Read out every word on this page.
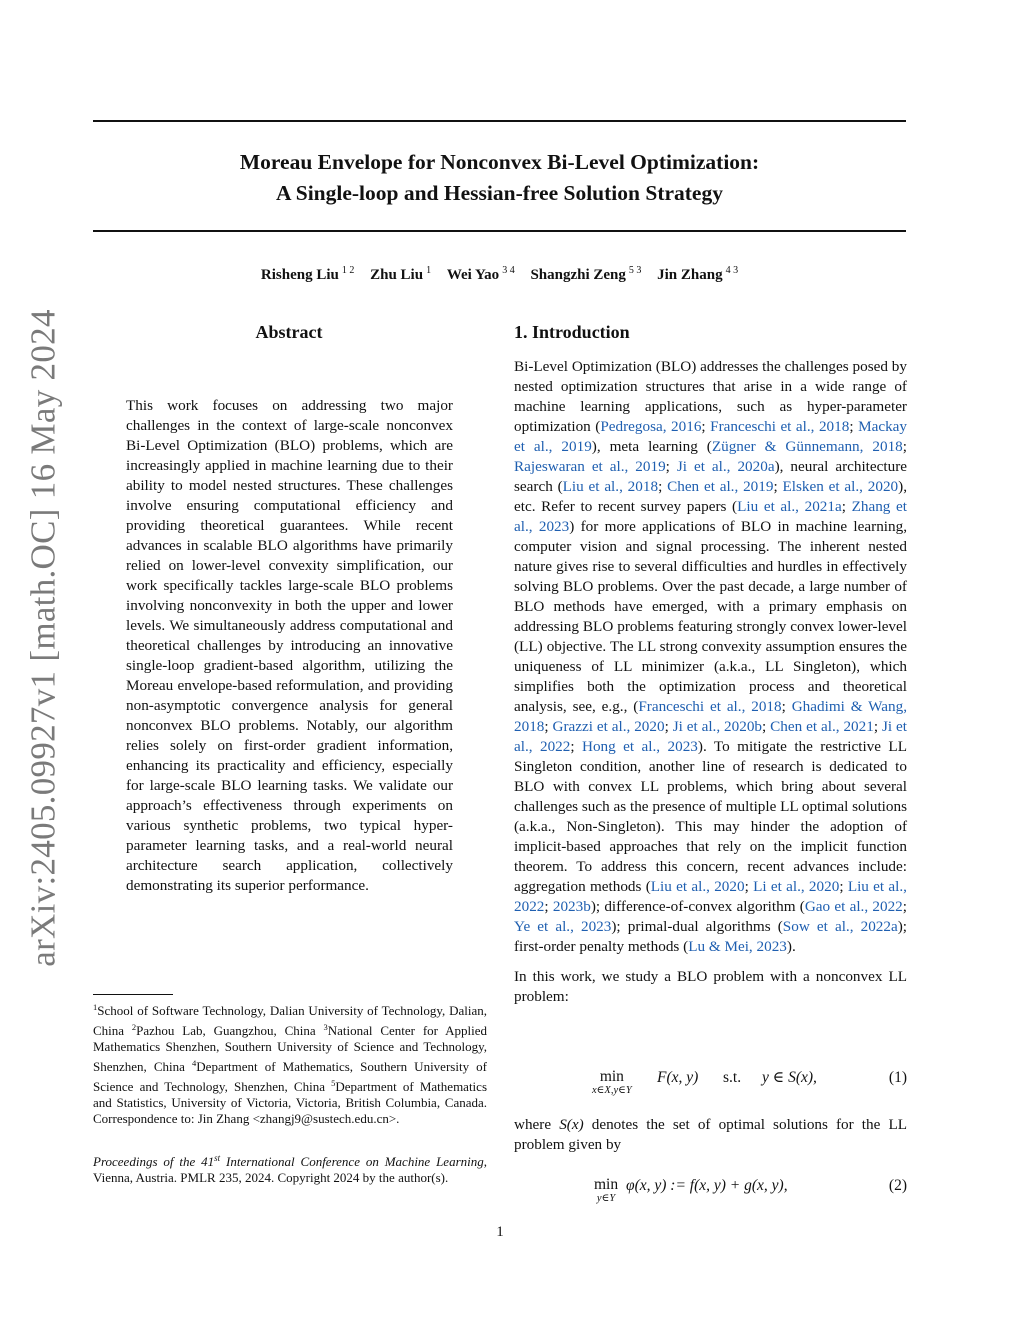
arXiv:2405.09927v1 [math.OC] 16 May 2024
Moreau Envelope for Nonconvex Bi-Level Optimization:
A Single-loop and Hessian-free Solution Strategy
Risheng Liu $^{1 2}$ Zhu Liu $^1$ Wei Yao $^{3 4}$ Shangzhi Zeng $^{5 3}$ Jin Zhang $^{4 3}$
Abstract
This work focuses on addressing two major challenges in the context of large-scale nonconvex Bi-Level Optimization (BLO) problems, which are increasingly applied in machine learning due to their ability to model nested structures. These challenges involve ensuring computational efficiency and providing theoretical guarantees. While recent advances in scalable BLO algorithms have primarily relied on lower-level convexity simplification, our work specifically tackles large-scale BLO problems involving nonconvexity in both the upper and lower levels. We simultaneously address computational and theoretical challenges by introducing an innovative single-loop gradient-based algorithm, utilizing the Moreau envelope-based reformulation, and providing non-asymptotic convergence analysis for general nonconvex BLO problems. Notably, our algorithm relies solely on first-order gradient information, enhancing its practicality and efficiency, especially for large-scale BLO learning tasks. We validate our approach’s effectiveness through experiments on various synthetic problems, two typical hyper-parameter learning tasks, and a real-world neural architecture search application, collectively demonstrating its superior performance.
$^1$School of Software Technology, Dalian University of Technology, Dalian, China $^2$Pazhou Lab, Guangzhou, China $^3$National Center for Applied Mathematics Shenzhen, Southern University of Science and Technology, Shenzhen, China $^4$Department of Mathematics, Southern University of Science and Technology, Shenzhen, China $^5$Department of Mathematics and Statistics, University of Victoria, Victoria, British Columbia, Canada. Correspondence to: Jin Zhang <zhangj9@sustech.edu.cn>.
Proceedings of the 41st International Conference on Machine Learning, Vienna, Austria. PMLR 235, 2024. Copyright 2024 by the author(s).
1. Introduction

Bi-Level Optimization (BLO) addresses the challenges posed by nested optimization structures that arise in a wide range of machine learning applications, such as hyper-parameter optimization (Pedregosa, 2016; Franceschi et al., 2018; Mackay et al., 2019), meta learning (Zügner & Günnemann, 2018; Rajeswaran et al., 2019; Ji et al., 2020a), neural architecture search (Liu et al., 2018; Chen et al., 2019; Elsken et al., 2020), etc. Refer to recent survey papers (Liu et al., 2021a; Zhang et al., 2023) for more applications of BLO in machine learning, computer vision and signal processing. The inherent nested nature gives rise to several difficulties and hurdles in effectively solving BLO problems. Over the past decade, a large number of BLO methods have emerged, with a primary emphasis on addressing BLO problems featuring strongly convex lower-level (LL) objective. The LL strong convexity assumption ensures the uniqueness of LL minimizer (a.k.a., LL Singleton), which simplifies both the optimization process and theoretical analysis, see, e.g., (Franceschi et al., 2018; Ghadimi & Wang, 2018; Grazzi et al., 2020; Ji et al., 2020b; Chen et al., 2021; Ji et al., 2022; Hong et al., 2023). To mitigate the restrictive LL Singleton condition, another line of research is dedicated to BLO with convex LL problems, which bring about several challenges such as the presence of multiple LL optimal solutions (a.k.a., Non-Singleton). This may hinder the adoption of implicit-based approaches that rely on the implicit function theorem. To address this concern, recent advances include: aggregation methods (Liu et al., 2020; Li et al., 2020; Liu et al., 2022; 2023b); difference-of-convex algorithm (Gao et al., 2022; Ye et al., 2023); primal-dual algorithms (Sow et al., 2022a); first-order penalty methods (Lu & Mei, 2023).

In this work, we study a BLO problem with a nonconvex LL problem:

min
x∈X,y∈Y
F(x, y) s.t. y ∈ S(x),	(1)
where S(x) denotes the set of optimal solutions for the LL problem given by
min
y∈Y
φ(x, y) := f(x, y) + g(x, y),	(2)
1
